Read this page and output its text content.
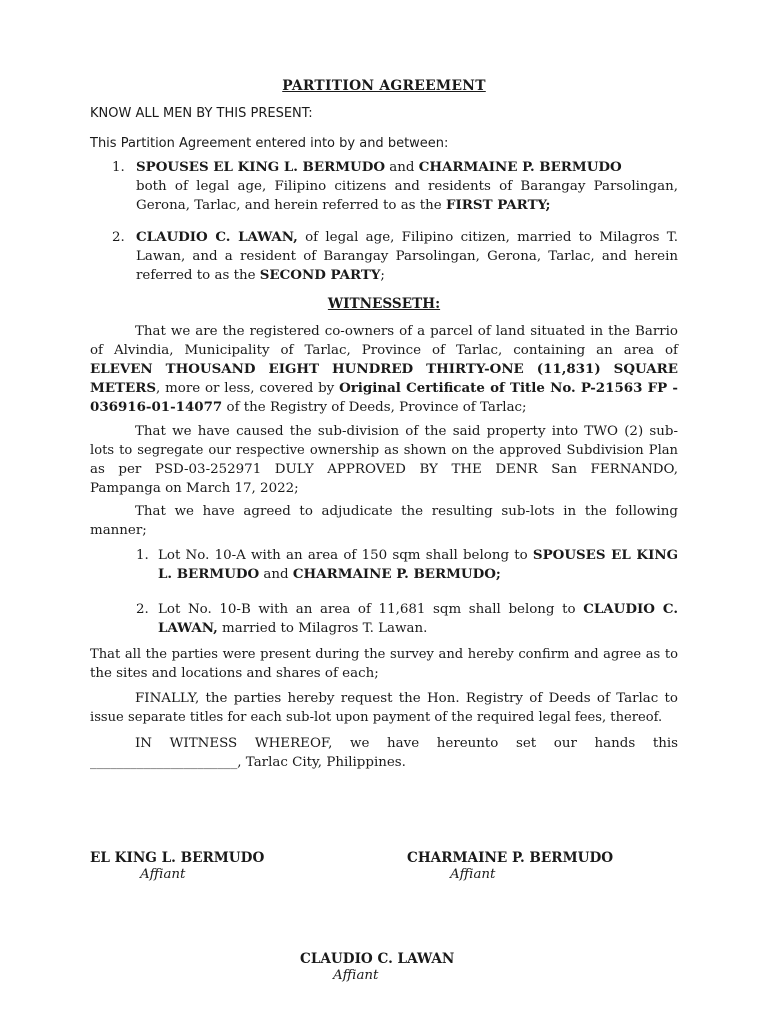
PARTITION AGREEMENT

KNOW ALL MEN BY THIS PRESENT:

This Partition Agreement entered into by and between:

1. SPOUSES EL KING L. BERMUDO and CHARMAINE P. BERMUDO
both of legal age, Filipino citizens and residents of Barangay Parsolingan,
Gerona, Tarlac, and herein referred to as the FIRST PARTY;
2. CLAUDIO C. LAWAN, of legal age, Filipino citizen, married to Milagros T.
Lawan, and a resident of Barangay Parsolingan, Gerona, Tarlac, and herein
referred to as the SECOND PARTY;
WITNESSETH:
That we are the registered co-owners of a parcel of land situated in the Barrio
of Alvindia, Municipality of Tarlac, Province of Tarlac, containing an area of
ELEVEN THOUSAND EIGHT HUNDRED THIRTY-ONE (11,831) SQUARE
METERS, more or less, covered by Original Certificate of Title No. P-21563 FP -
036916-01-14077 of the Registry of Deeds, Province of Tarlac;
That we have caused the sub-division of the said property into TWO (2) sub-
lots to segregate our respective ownership as shown on the approved Subdivision Plan
as per PSD-03-252971 DULY APPROVED BY THE DENR San FERNANDO,
Pampanga on March 17, 2022;
That we have agreed to adjudicate the resulting sub-lots in the following
manner;
1. Lot No. 10-A with an area of 150 sqm shall belong to SPOUSES EL KING
L. BERMUDO and CHARMAINE P. BERMUDO;
2. Lot No. 10-B with an area of 11,681 sqm shall belong to CLAUDIO C.
LAWAN, married to Milagros T. Lawan.
That all the parties were present during the survey and hereby confirm and agree as to
the sites and locations and shares of each;
FINALLY, the parties hereby request the Hon. Registry of Deeds of Tarlac to
issue separate titles for each sub-lot upon payment of the required legal fees, thereof.
IN WITNESS WHEREOF, we have hereunto set our hands this
______________________, Tarlac City, Philippines.
EL KING L. BERMUDO
Affiant
CHARMAINE P. BERMUDO
Affiant
CLAUDIO C. LAWAN
Affiant
